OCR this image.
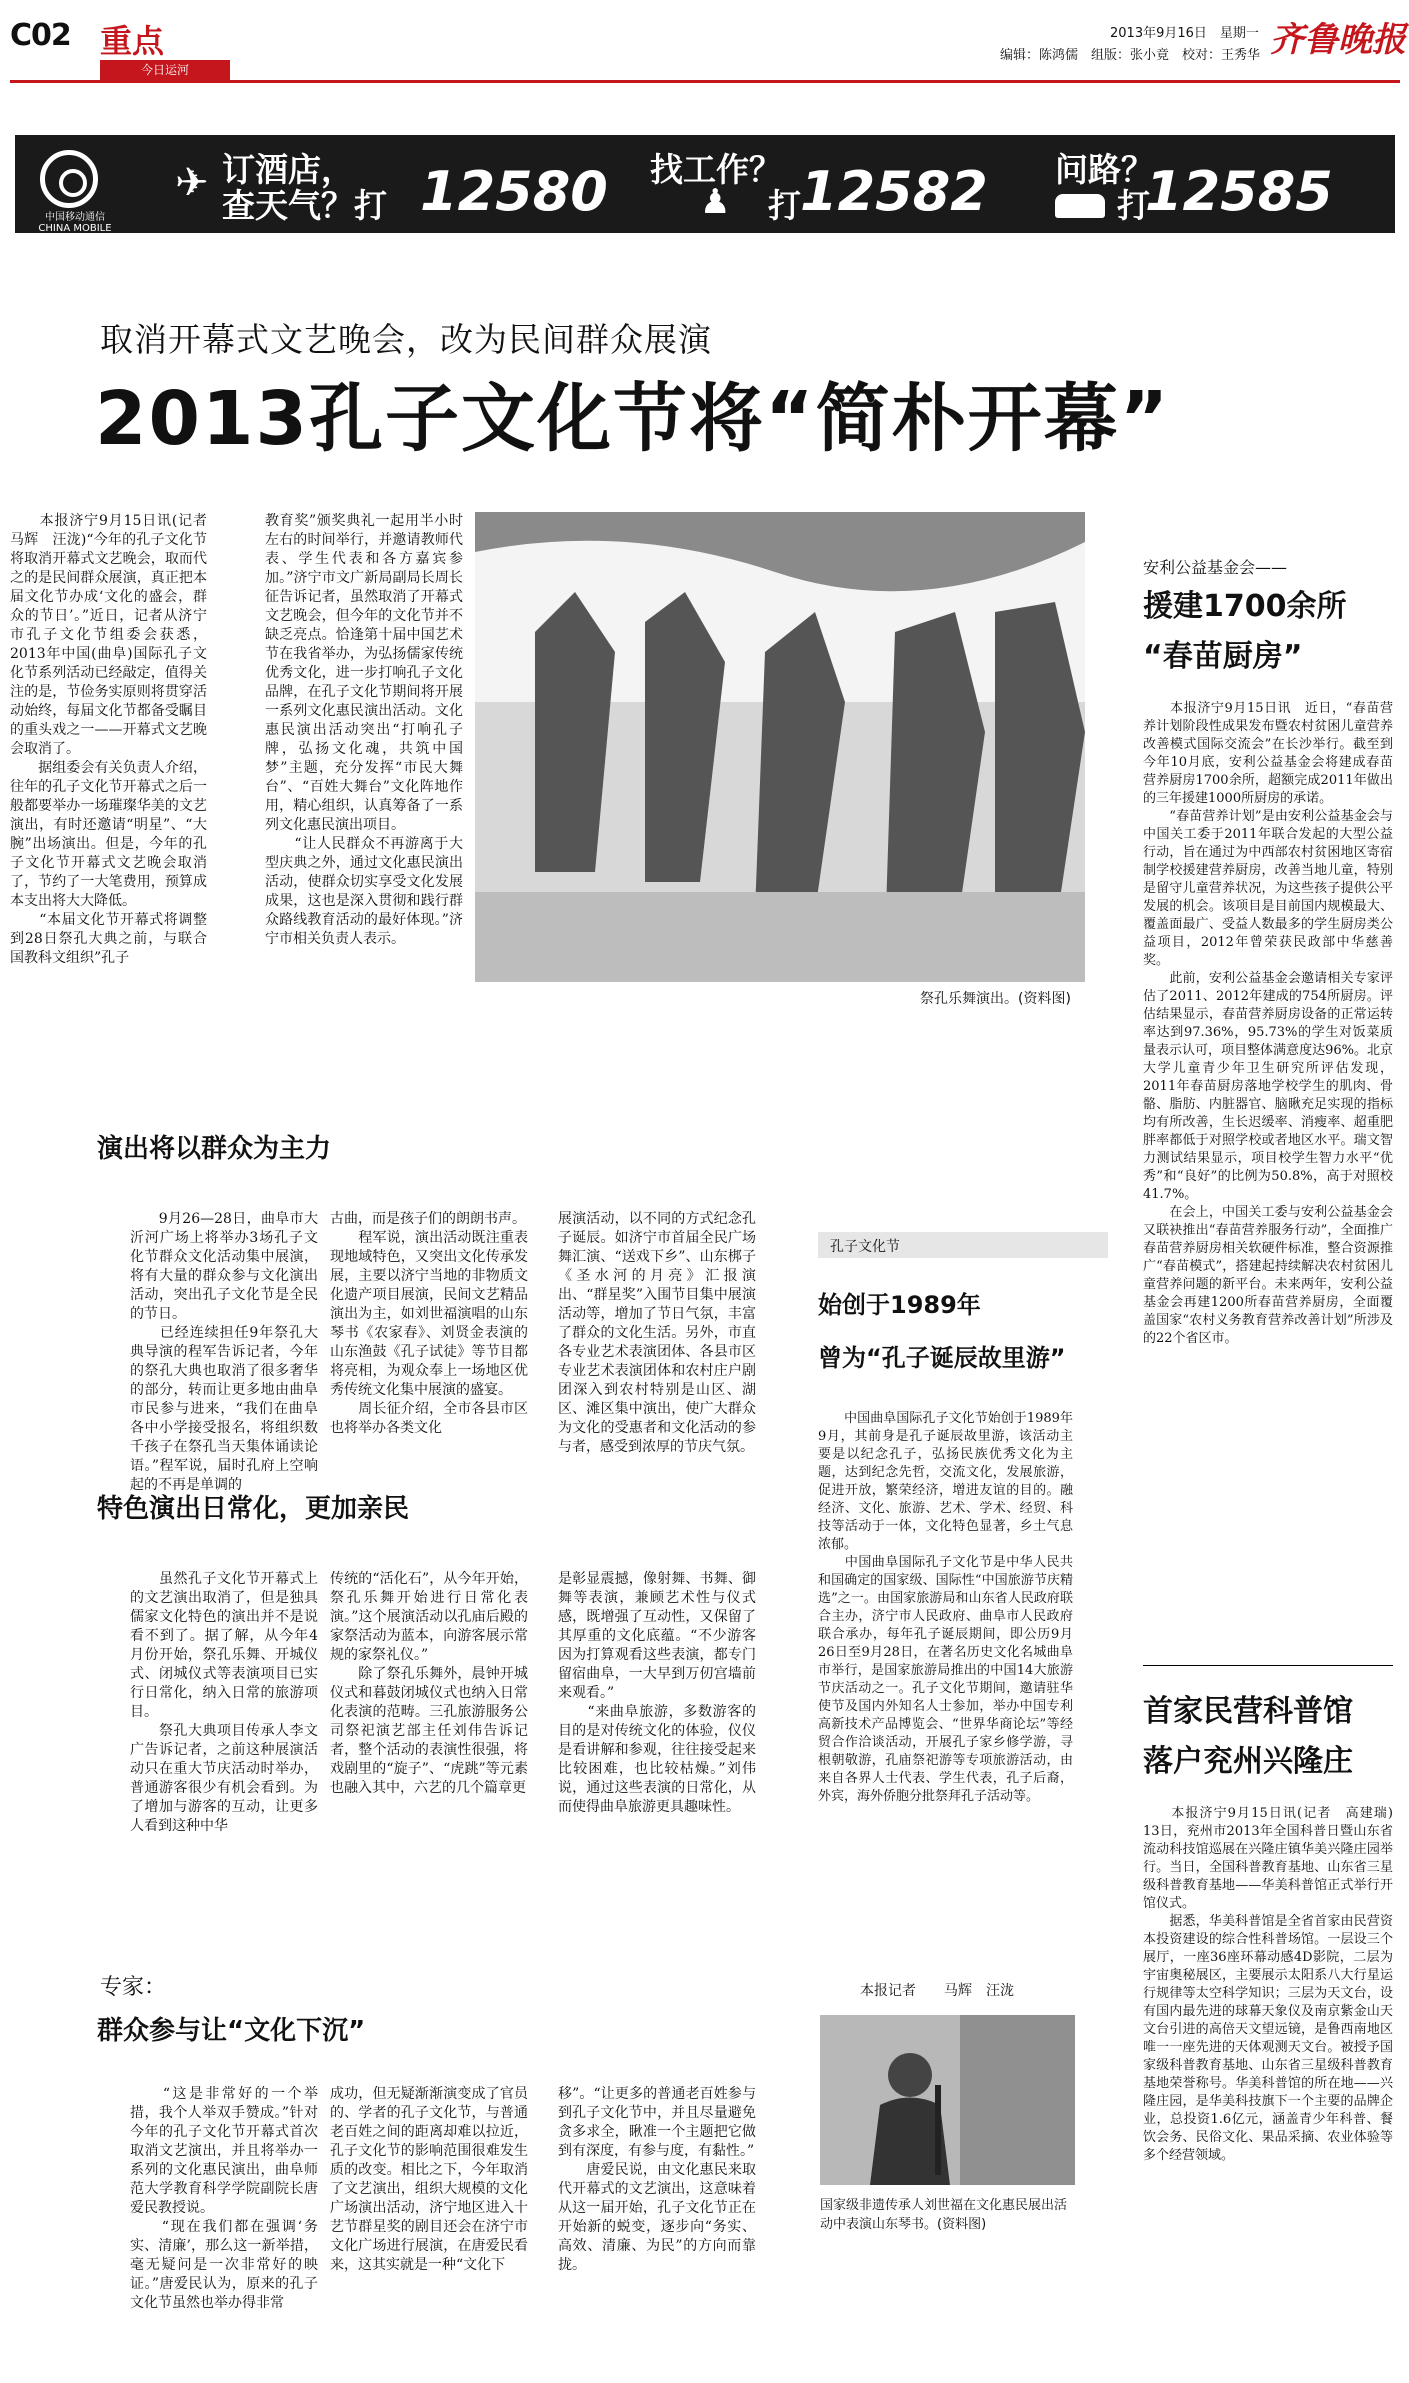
C02 重点
今日运河
2013年9月16日　星期一 齐鲁晚报
编辑：陈鸿儒　组版：张小竟　校对：王秀华
中国移动通信
CHINA MOBILE
✈ 订酒店，
查天气？打 12580 找工作？
打
♟ 12582 问路？
打
12585
取消开幕式文艺晚会，改为民间群众展演
2013孔子文化节将“简朴开幕”
　　本报济宁9月15日讯(记者　马辉　汪泷)“今年的孔子文化节将取消开幕式文艺晚会，取而代之的是民间群众展演，真正把本届文化节办成‘文化的盛会，群众的节日’。”近日，记者从济宁市孔子文化节组委会获悉，2013年中国(曲阜)国际孔子文化节系列活动已经敲定，值得关注的是，节俭务实原则将贯穿活动始终，每届文化节都备受瞩目的重头戏之一——开幕式文艺晚会取消了。
　　据组委会有关负责人介绍，往年的孔子文化节开幕式之后一般都要举办一场璀璨华美的文艺演出，有时还邀请“明星”、“大腕”出场演出。但是，今年的孔子文化节开幕式文艺晚会取消了，节约了一大笔费用，预算成本支出将大大降低。
　　“本届文化节开幕式将调整到28日祭孔大典之前，与联合国教科文组织”孔子
教育奖”颁奖典礼一起用半小时左右的时间举行，并邀请教师代表、学生代表和各方嘉宾参加。”济宁市文广新局副局长周长征告诉记者，虽然取消了开幕式文艺晚会，但今年的文化节并不缺乏亮点。恰逢第十届中国艺术节在我省举办，为弘扬儒家传统优秀文化，进一步打响孔子文化品牌，在孔子文化节期间将开展一系列文化惠民演出活动。文化惠民演出活动突出“打响孔子牌，弘扬文化魂，共筑中国梦”主题，充分发挥“市民大舞台”、“百姓大舞台”文化阵地作用，精心组织，认真筹备了一系列文化惠民演出项目。
　　“让人民群众不再游离于大型庆典之外，通过文化惠民演出活动，使群众切实享受文化发展成果，这也是深入贯彻和践行群众路线教育活动的最好体现。”济宁市相关负责人表示。
祭孔乐舞演出。(资料图)
演出将以群众为主力
　　9月26—28日，曲阜市大沂河广场上将举办3场孔子文化节群众文化活动集中展演，将有大量的群众参与文化演出活动，突出孔子文化节是全民的节日。
　　已经连续担任9年祭孔大典导演的程军告诉记者，今年的祭孔大典也取消了很多奢华的部分，转而让更多地由曲阜市民参与进来，“我们在曲阜各中小学接受报名，将组织数千孩子在祭孔当天集体诵读论语。”程军说，届时孔府上空响起的不再是单调的
古曲，而是孩子们的朗朗书声。
　　程军说，演出活动既注重表现地域特色，又突出文化传承发展，主要以济宁当地的非物质文化遗产项目展演，民间文艺精品演出为主，如刘世福演唱的山东琴书《农家春》、刘贤金表演的山东渔鼓《孔子试徒》等节目都将亮相，为观众奉上一场地区优秀传统文化集中展演的盛宴。
　　周长征介绍，全市各县市区也将举办各类文化
展演活动，以不同的方式纪念孔子诞辰。如济宁市首届全民广场舞汇演、“送戏下乡”、山东梆子《圣水河的月亮》汇报演出、“群星奖”入围节目集中展演活动等，增加了节日气氛，丰富了群众的文化生活。另外，市直各专业艺术表演团体、各县市区专业艺术表演团体和农村庄户剧团深入到农村特别是山区、湖区、滩区集中演出，使广大群众为文化的受惠者和文化活动的参与者，感受到浓厚的节庆气氛。
特色演出日常化，更加亲民
　　虽然孔子文化节开幕式上的文艺演出取消了，但是独具儒家文化特色的演出并不是说看不到了。据了解，从今年4月份开始，祭孔乐舞、开城仪式、闭城仪式等表演项目已实行日常化，纳入日常的旅游项目。
　　祭孔大典项目传承人李文广告诉记者，之前这种展演活动只在重大节庆活动时举办，普通游客很少有机会看到。为了增加与游客的互动，让更多人看到这种中华
传统的“活化石”，从今年开始，祭孔乐舞开始进行日常化表演。”这个展演活动以孔庙后殿的家祭活动为蓝本，向游客展示常规的家祭礼仪。”
　　除了祭孔乐舞外，晨钟开城仪式和暮鼓闭城仪式也纳入日常化表演的范畴。三孔旅游服务公司祭祀演艺部主任刘伟告诉记者，整个活动的表演性很强，将戏剧里的“旋子”、“虎跳”等元素也融入其中，六艺的几个篇章更
是彰显震撼，像射舞、书舞、御舞等表演，兼顾艺术性与仪式感，既增强了互动性，又保留了其厚重的文化底蕴。“不少游客因为打算观看这些表演，都专门留宿曲阜，一大早到万仞宫墙前来观看。”
　　“来曲阜旅游，多数游客的目的是对传统文化的体验，仪仪是看讲解和参观，往往接受起来比较困难，也比较枯燥。”刘伟说，通过这些表演的日常化，从而使得曲阜旅游更具趣味性。
专家：
群众参与让“文化下沉”
　　“这是非常好的一个举措，我个人举双手赞成。”针对今年的孔子文化节开幕式首次取消文艺演出，并且将举办一系列的文化惠民演出，曲阜师范大学教育科学学院副院长唐爱民教授说。
　　“现在我们都在强调‘务实、清廉’，那么这一新举措，毫无疑问是一次非常好的映证。”唐爱民认为，原来的孔子文化节虽然也举办得非常
成功，但无疑渐渐演变成了官员的、学者的孔子文化节，与普通老百姓之间的距离却难以拉近，孔子文化节的影响范围很难发生质的改变。相比之下，今年取消了文艺演出，组织大规模的文化广场演出活动，济宁地区进入十艺节群星奖的剧目还会在济宁市文化广场进行展演，在唐爱民看来，这其实就是一种“文化下
移”。“让更多的普通老百姓参与到孔子文化节中，并且尽量避免贪多求全，瞅准一个主题把它做到有深度，有参与度，有黏性。”
　　唐爱民说，由文化惠民来取代开幕式的文艺演出，这意味着从这一届开始，孔子文化节正在开始新的蜕变，逐步向“务实、高效、清廉、为民”的方向而靠拢。
孔子文化节
始创于1989年
曾为“孔子诞辰故里游”
　　中国曲阜国际孔子文化节始创于1989年9月，其前身是孔子诞辰故里游，该活动主要是以纪念孔子，弘扬民族优秀文化为主题，达到纪念先哲，交流文化，发展旅游，促进开放，繁荣经济，增进友谊的目的。融经济、文化、旅游、艺术、学术、经贸、科技等活动于一体，文化特色显著，乡土气息浓郁。
　　中国曲阜国际孔子文化节是中华人民共和国确定的国家级、国际性“中国旅游节庆精选”之一。由国家旅游局和山东省人民政府联合主办，济宁市人民政府、曲阜市人民政府联合承办，每年孔子诞辰期间，即公历9月26日至9月28日，在著名历史文化名城曲阜市举行，是国家旅游局推出的中国14大旅游节庆活动之一。孔子文化节期间，邀请驻华使节及国内外知名人士参加，举办中国专利高新技术产品博览会、“世界华商论坛”等经贸合作洽谈活动，开展孔子家乡修学游，寻根朝敬游，孔庙祭祀游等专项旅游活动，由来自各界人士代表、学生代表，孔子后裔，外宾，海外侨胞分批祭拜孔子活动等。
本报记者　　马辉　汪泷
国家级非遗传承人刘世福在文化惠民展出活动中表演山东琴书。(资料图)
安利公益基金会——
援建1700余所
“春苗厨房”
　　本报济宁9月15日讯　近日，“春苗营养计划阶段性成果发布暨农村贫困儿童营养改善模式国际交流会”在长沙举行。截至到今年10月底，安利公益基金会将建成春苗营养厨房1700余所，超额完成2011年做出的三年援建1000所厨房的承诺。
　　“春苗营养计划”是由安利公益基金会与中国关工委于2011年联合发起的大型公益行动，旨在通过为中西部农村贫困地区寄宿制学校援建营养厨房，改善当地儿童，特别是留守儿童营养状况，为这些孩子提供公平发展的机会。该项目是目前国内规模最大、覆盖面最广、受益人数最多的学生厨房类公益项目，2012年曾荣获民政部中华慈善奖。
　　此前，安利公益基金会邀请相关专家评估了2011、2012年建成的754所厨房。评估结果显示，春苗营养厨房设备的正常运转率达到97.36%，95.73%的学生对饭菜质量表示认可，项目整体满意度达96%。北京大学儿童青少年卫生研究所评估发现，2011年春苗厨房落地学校学生的肌肉、骨骼、脂肪、内脏器官、脑瞅充足实现的指标均有所改善，生长迟缓率、消瘦率、超重肥胖率都低于对照学校或者地区水平。瑞文智力测试结果显示，项目校学生智力水平“优秀”和“良好”的比例为50.8%，高于对照校41.7%。
　　在会上，中国关工委与安利公益基金会又联袂推出“春苗营养服务行动”，全面推广春苗营养厨房相关软硬件标准，整合资源推广“春苗模式”，搭建起持续解决农村贫困儿童营养问题的新平台。未来两年，安利公益基金会再建1200所春苗营养厨房，全面覆盖国家“农村义务教育营养改善计划”所涉及的22个省区市。
首家民营科普馆
落户兖州兴隆庄
　　本报济宁9月15日讯(记者　高建瑞)　13日，兖州市2013年全国科普日暨山东省流动科技馆巡展在兴隆庄镇华美兴隆庄园举行。当日，全国科普教育基地、山东省三星级科普教育基地——华美科普馆正式举行开馆仪式。
　　据悉，华美科普馆是全省首家由民营资本投资建设的综合性科普场馆。一层设三个展厅，一座36座环幕动感4D影院，二层为宇宙奥秘展区，主要展示太阳系八大行星运行规律等太空科学知识；三层为天文台，设有国内最先进的球幕天象仪及南京紫金山天文台引进的高倍天文望远镜，是鲁西南地区唯一一座先进的天体观测天文台。被授予国家级科普教育基地、山东省三星级科普教育基地荣誉称号。华美科普馆的所在地——兴隆庄园，是华美科技旗下一个主要的品牌企业，总投资1.6亿元，涵盖青少年科普、餐饮会务、民俗文化、果品采摘、农业体验等多个经营领域。
